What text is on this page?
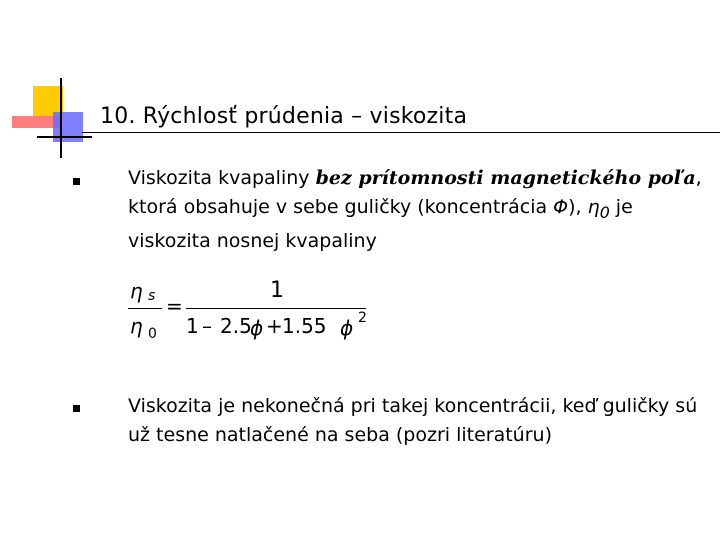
10. Rýchlosť prúdenia – viskozita
Viskozita kvapaliny bez prítomnosti magnetického poľa, ktorá obsahuje v sebe guličky (koncentrácia Φ), $\eta_0$ je viskozita nosnej kvapaliny
η s
η 0
=
1
1 – 2.5
ϕ + 1.55 ϕ 2
Viskozita je nekonečná pri takej koncentrácii, keď guličky sú už tesne natlačené na seba (pozri literatúru)
